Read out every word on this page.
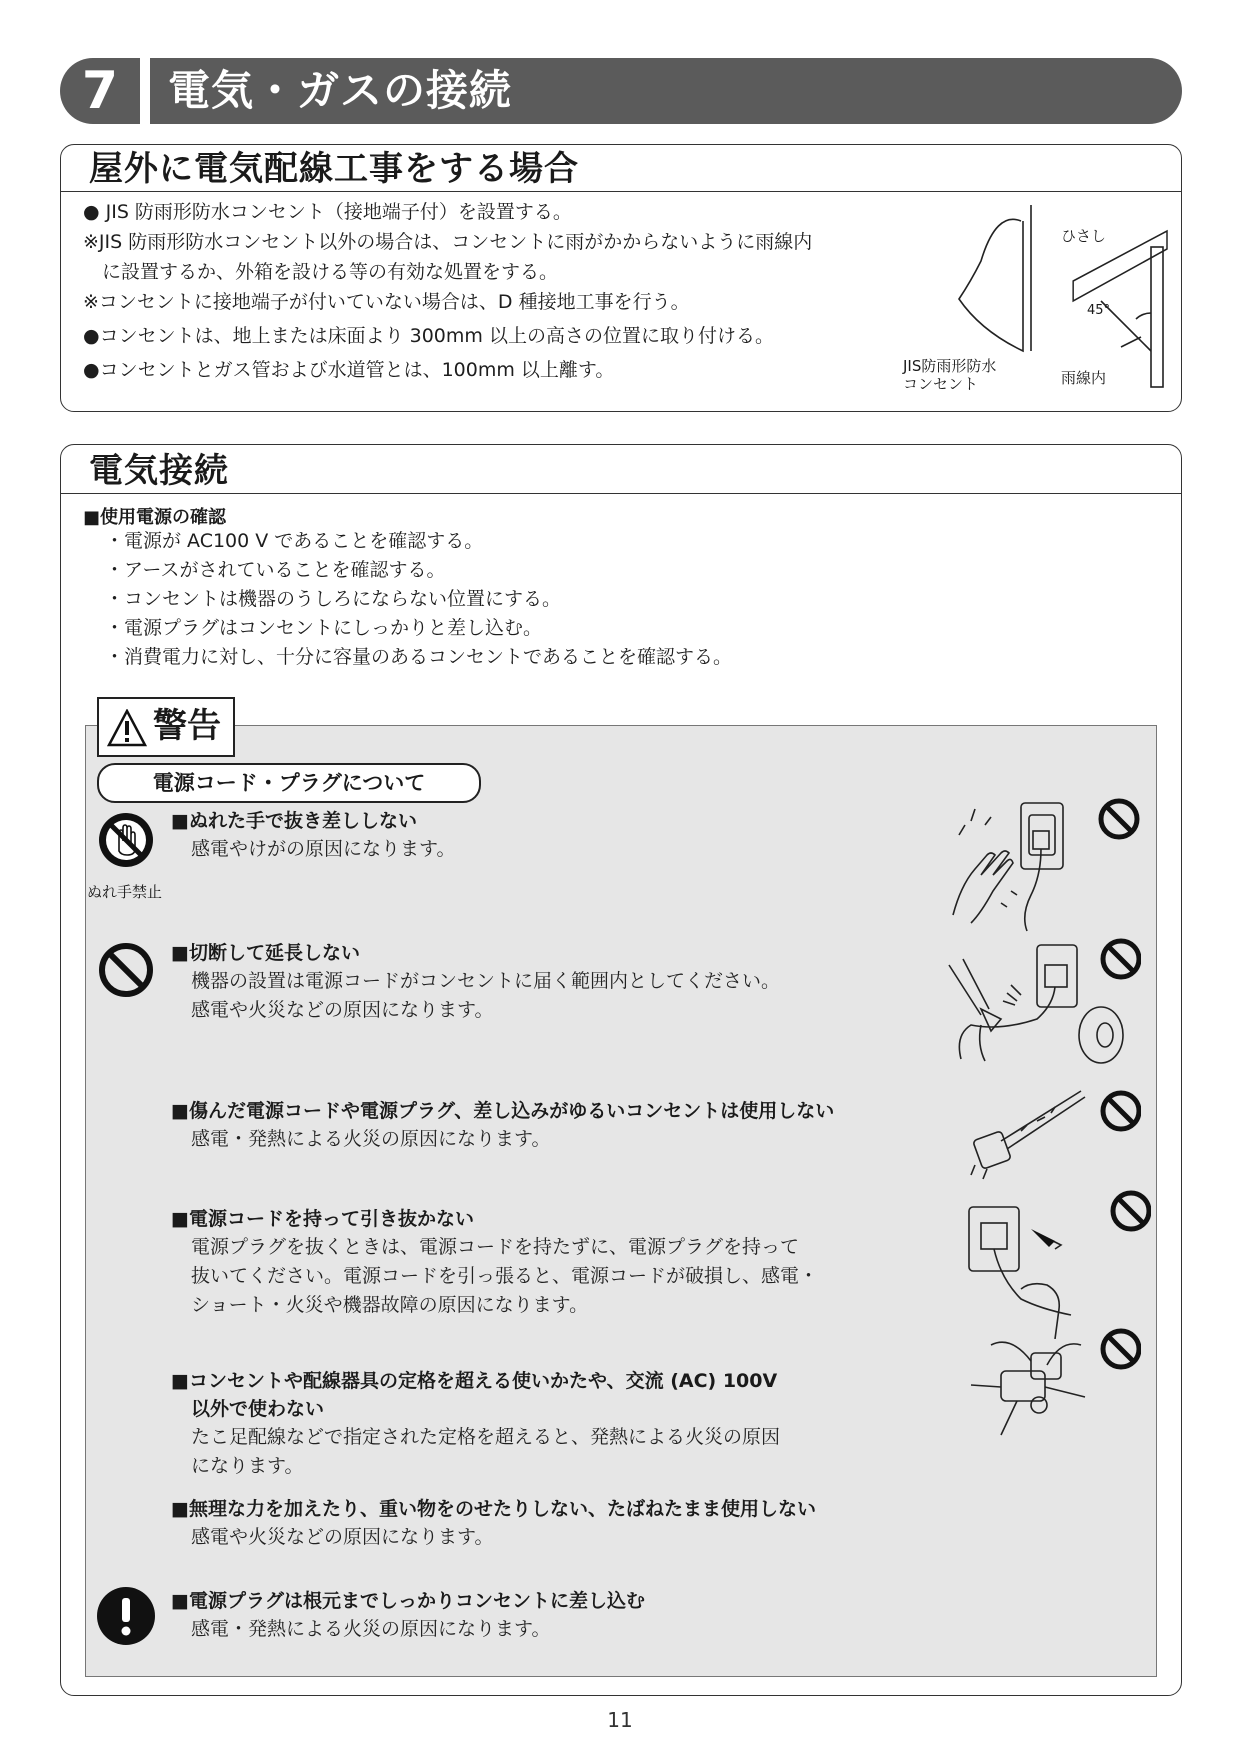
7	電気・ガスの接続
屋外に電気配線工事をする場合
● JIS 防雨形防水コンセント（接地端子付）を設置する。
※JIS 防雨形防水コンセント以外の場合は、コンセントに雨がかからないように雨線内
　に設置するか、外箱を設ける等の有効な処置をする。
※コンセントに接地端子が付いていない場合は、D 種接地工事を行う。
●コンセントは、地上または床面より 300mm 以上の高さの位置に取り付ける。
●コンセントとガス管および水道管とは、100mm 以上離す。
ひさし
45°
雨線内
JIS防雨形防水
コンセント
電気接続
■使用電源の確認
・電源が AC100 V であることを確認する。
・アースがされていることを確認する。
・コンセントは機器のうしろにならない位置にする。
・電源プラグはコンセントにしっかりと差し込む。
・消費電力に対し、十分に容量のあるコンセントであることを確認する。
警告
電源コード・プラグについて
ぬれ手禁止
■ぬれた手で抜き差ししない
感電やけがの原因になります。
■切断して延長しない
機器の設置は電源コードがコンセントに届く範囲内としてください。
感電や火災などの原因になります。
■傷んだ電源コードや電源プラグ、差し込みがゆるいコンセントは使用しない
感電・発熱による火災の原因になります。
■電源コードを持って引き抜かない
電源プラグを抜くときは、電源コードを持たずに、電源プラグを持って
抜いてください。電源コードを引っ張ると、電源コードが破損し、感電・
ショート・火災や機器故障の原因になります。
■コンセントや配線器具の定格を超える使いかたや、交流 (AC) 100V
以外で使わない
たこ足配線などで指定された定格を超えると、発熱による火災の原因
になります。
■無理な力を加えたり、重い物をのせたりしない、たばねたまま使用しない
感電や火災などの原因になります。
■電源プラグは根元までしっかりコンセントに差し込む
感電・発熱による火災の原因になります。
11
